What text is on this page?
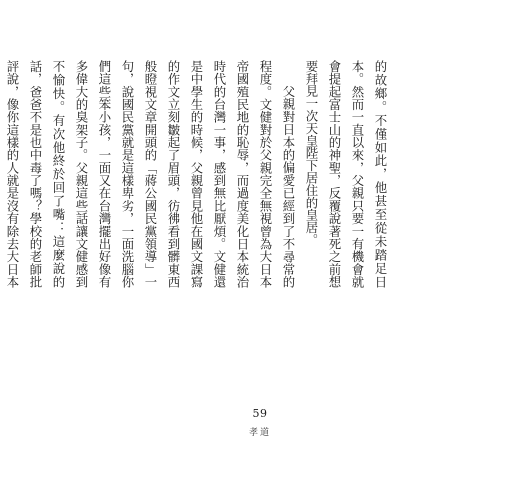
的故鄉。不僅如此，他甚至從未踏足日本。然而一直以來，父親只要一有機會就會提起富士山的神聖，反覆說著死之前想要拜見一次天皇陛下居住的皇居。

父親對日本的偏愛已經到了不尋常的程度。文健對於父親完全無視曾為大日本帝國殖民地的恥辱，而過度美化日本統治時代的台灣一事，感到無比厭煩。文健還是中學生的時候，父親曾見他在國文課寫的作文立刻皺起了眉頭，彷彿看到髒東西般瞪視文章開頭的「蔣公國民黨領導」一句，說國民黨就是這樣卑劣，一面洗腦你們這些笨小孩，一面又在台灣擺出好像有多偉大的臭架子。父親這些話讓文健感到不愉快。有次他終於回了嘴：這麼說的話，爸爸不是也中毒了嗎？學校的老師批評說，像你這樣的人就是沒有除去大日本

59
孝道
